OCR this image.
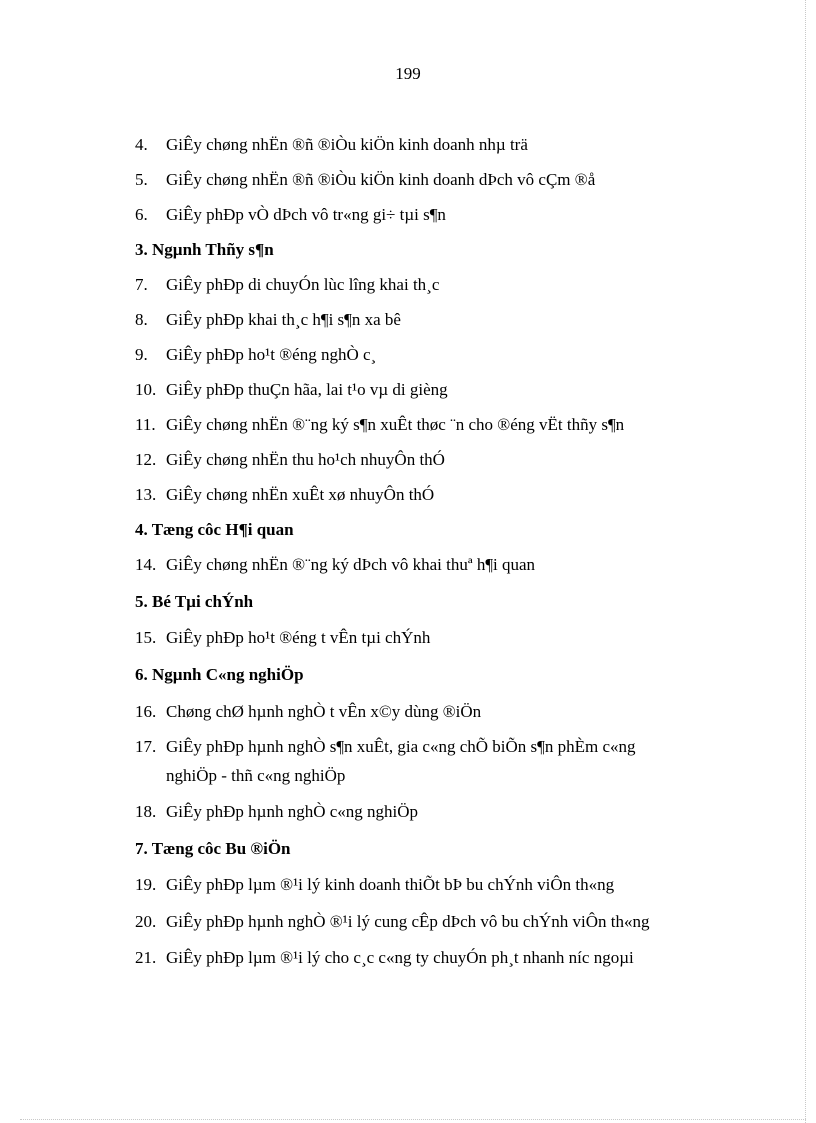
199
4. GiÊy chøng nhËn ®ñ ®iÒu kiÖn kinh doanh nhµ trä
5. GiÊy chøng nhËn ®ñ ®iÒu kiÖn kinh doanh dÞch vô cÇm ®å
6. GiÊy phÐp vÒ dÞch vô tr«ng gi÷ tµi s¶n
3. Ngµnh Thñy s¶n
7. GiÊy phÐp di chuyÓn lùc lîng khai th¸c
8. GiÊy phÐp khai th¸c h¶i s¶n xa bê
9. GiÊy phÐp ho¹t ®éng nghÒ c¸
10. GiÊy phÐp thuÇn hãa, lai t¹o vµ di gièng
11. GiÊy chøng nhËn ®¨ng ký s¶n xuÊt thøc ¨n cho ®éng vËt thñy s¶n
12. GiÊy chøng nhËn thu ho¹ch nhuyÔn thÓ
13. GiÊy chøng nhËn xuÊt xø nhuyÔn thÓ
4. Tæng côc H¶i quan
14. GiÊy chøng nhËn ®¨ng ký dÞch vô khai thuª h¶i quan
5. Bé Tµi chÝnh
15. GiÊy phÐp ho¹t ®éng t vÊn tµi chÝnh
6. Ngµnh C«ng nghiÖp
16. Chøng chØ hµnh nghÒ t vÊn x©y dùng ®iÖn
17. GiÊy phÐp hµnh nghÒ s¶n xuÊt, gia c«ng chÕ biÕn s¶n phÈm c«ng
nghiÖp - thñ c«ng nghiÖp
18. GiÊy phÐp hµnh nghÒ c«ng nghiÖp
7. Tæng côc Bu ®iÖn
19. GiÊy phÐp lµm ®¹i lý kinh doanh thiÕt bÞ bu chÝnh viÔn th«ng
20. GiÊy phÐp hµnh nghÒ ®¹i lý cung cÊp dÞch vô bu chÝnh viÔn th«ng
21. GiÊy phÐp lµm ®¹i lý cho c¸c c«ng ty chuyÓn ph¸t nhanh níc ngoµi
